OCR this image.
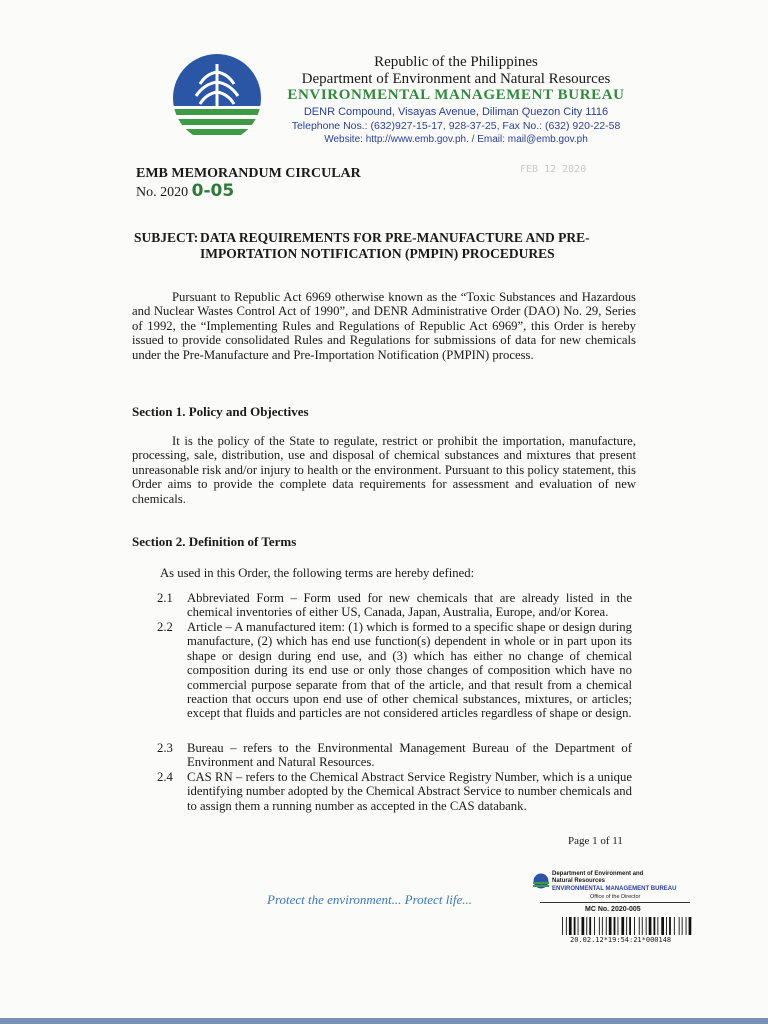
Republic of the Philippines
Department of Environment and Natural Resources
ENVIRONMENTAL MANAGEMENT BUREAU
DENR Compound, Visayas Avenue, Diliman Quezon City 1116
Telephone Nos.: (632)927-15-17, 928-37-25, Fax No.: (632) 920-22-58
Website: http://www.emb.gov.ph. / Email: mail@emb.gov.ph
EMB MEMORANDUM CIRCULAR
No. 2020 0-05
FEB 12 2020
SUBJECT: DATA REQUIREMENTS FOR PRE-MANUFACTURE AND PRE-
IMPORTATION NOTIFICATION (PMPIN) PROCEDURES

Pursuant to Republic Act 6969 otherwise known as the “Toxic Substances and Hazardous and Nuclear Wastes Control Act of 1990”, and DENR Administrative Order (DAO) No. 29, Series of 1992, the “Implementing Rules and Regulations of Republic Act 6969”, this Order is hereby issued to provide consolidated Rules and Regulations for submissions of data for new chemicals under the Pre-Manufacture and Pre-Importation Notification (PMPIN) process.

Section 1. Policy and Objectives

It is the policy of the State to regulate, restrict or prohibit the importation, manufacture, processing, sale, distribution, use and disposal of chemical substances and mixtures that present unreasonable risk and/or injury to health or the environment. Pursuant to this policy statement, this Order aims to provide the complete data requirements for assessment and evaluation of new chemicals.

Section 2. Definition of Terms
As used in this Order, the following terms are hereby defined:
2.1	Abbreviated Form – Form used for new chemicals that are already listed in the chemical inventories of either US, Canada, Japan, Australia, Europe, and/or Korea.
2.2	Article – A manufactured item: (1) which is formed to a specific shape or design during manufacture, (2) which has end use function(s) dependent in whole or in part upon its shape or design during end use, and (3) which has either no change of chemical composition during its end use or only those changes of composition which have no commercial purpose separate from that of the article, and that result from a chemical reaction that occurs upon end use of other chemical substances, mixtures, or articles; except that fluids and particles are not considered articles regardless of shape or design.
2.3	Bureau – refers to the Environmental Management Bureau of the Department of Environment and Natural Resources.
2.4	CAS RN – refers to the Chemical Abstract Service Registry Number, which is a unique identifying number adopted by the Chemical Abstract Service to number chemicals and to assign them a running number as accepted in the CAS databank.
Page 1 of 11
Protect the environment... Protect life...
Department of Environment and
Natural Resources
ENVIRONMENTAL MANAGEMENT BUREAU
Office of the Director
MC No. 2020-005
20.02.12*19:54:21*000148
